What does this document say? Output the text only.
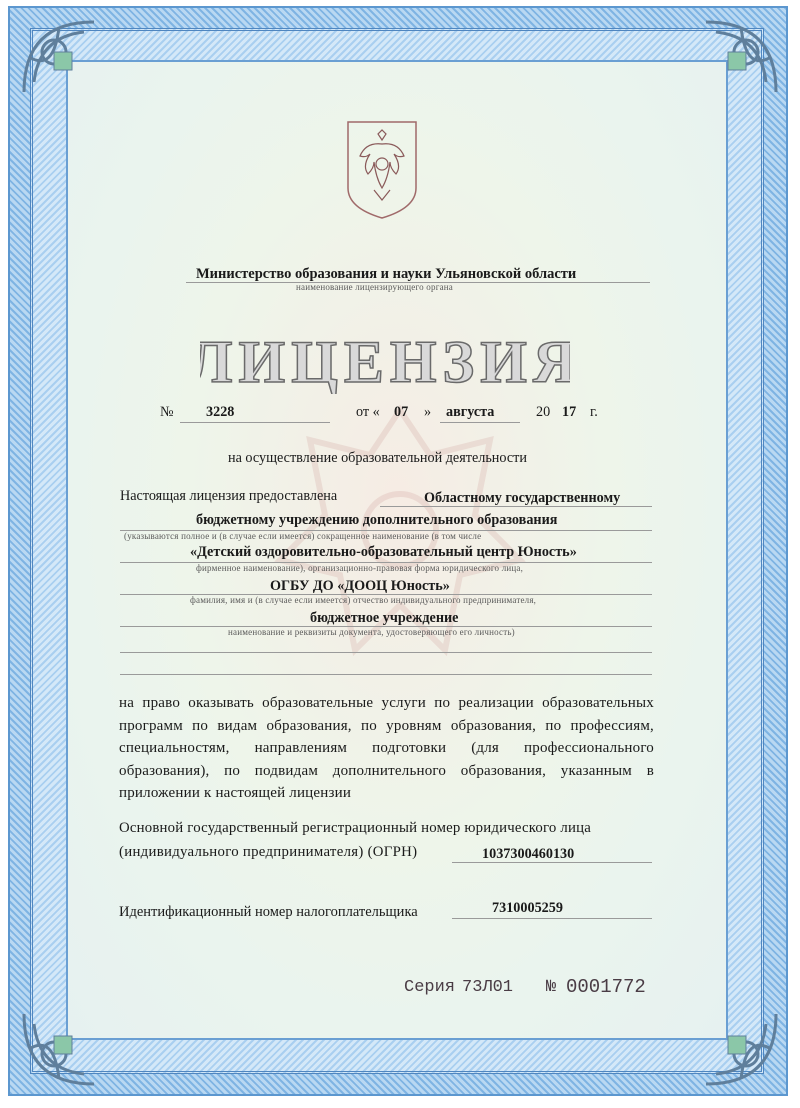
Министерство образования и науки Ульяновской области
наименование лицензирующего органа
ЛИЦЕНЗИЯ
№ 3228	от « 07 » августа	20 17 г.
на осуществление образовательной деятельности
Настоящая лицензия предоставлена	Областному государственному
бюджетному учреждению дополнительного образования
(указываются полное и (в случае если имеется) сокращенное наименование (в том числе
«Детский оздоровительно-образовательный центр Юность»
фирменное наименование), организационно-правовая форма юридического лица,
ОГБУ ДО «ДООЦ Юность»
фамилия, имя и (в случае если имеется) отчество индивидуального предпринимателя,
бюджетное учреждение
наименование и реквизиты документа, удостоверяющего его личность)
на право оказывать образовательные услуги по реализации образовательных программ по видам образования, по уровням образования, по профессиям, специальностям, направлениям подготовки (для профессионального образования), по подвидам дополнительного образования, указанным в приложении к настоящей лицензии
Основной государственный регистрационный номер юридического лица
(индивидуального предпринимателя) (ОГРН)	1037300460130
Идентификационный номер налогоплательщика	7310005259
Серия 73Л01 № 0001772
